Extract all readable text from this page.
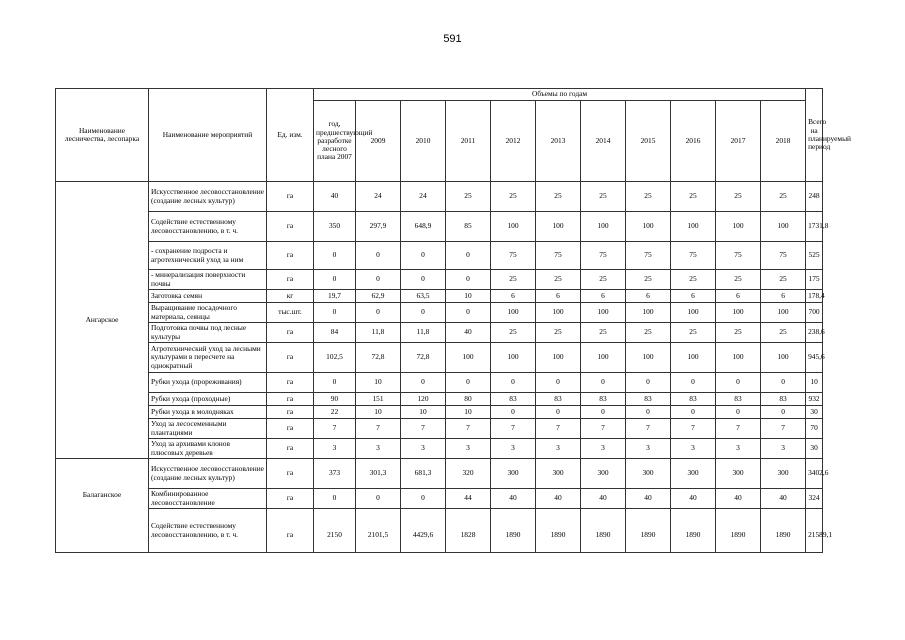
591
Наименование лесничества, лесопарка	Наименование мероприятий	Ед. изм.	Объемы по годам											Всего на планируемый период
			год, предшествующий разработке лесного плана 2007	2009	2010	2011	2012	2013	2014	2015	2016	2017	2018	
Ангарское	Искусственное лесовосстановление (создание лесных культур)	га	40	24	24	25	25	25	25	25	25	25	25	248
	Содействие естественному лесовосстановлению, в т. ч.	га	350	297,9	648,9	85	100	100	100	100	100	100	100	1731,8
	- сохранение подроста и агротехнический уход за ним	га	0	0	0	0	75	75	75	75	75	75	75	525
	- минерализация поверхности почвы	га	0	0	0	0	25	25	25	25	25	25	25	175
	Заготовка семян	кг	19,7	62,9	63,5	10	6	6	6	6	6	6	6	178,4
	Выращивание посадочного материала, сеянцы	тыс.шт.	0	0	0	0	100	100	100	100	100	100	100	700
	Подготовка почвы под лесные культуры	га	84	11,8	11,8	40	25	25	25	25	25	25	25	238,6
	Агротехнический уход за лесными культурами в пересчете на однократный	га	102,5	72,8	72,8	100	100	100	100	100	100	100	100	945,6
	Рубки ухода (прореживания)	га	0	10	0	0	0	0	0	0	0	0	0	10
	Рубки ухода (проходные)	га	90	151	120	80	83	83	83	83	83	83	83	932
	Рубки ухода в молодняках	га	22	10	10	10	0	0	0	0	0	0	0	30
	Уход за лесосеменными плантациями	га	7	7	7	7	7	7	7	7	7	7	7	70
	Уход за архивами клонов плюсовых деревьев	га	3	3	3	3	3	3	3	3	3	3	3	30
Балаганское	Искусственное лесовосстановление (создание лесных культур)	га	373	301,3	681,3	320	300	300	300	300	300	300	300	3402,6
	Комбинированное лесовосстановление	га	0	0	0	44	40	40	40	40	40	40	40	324
	Содействие естественному лесовосстановлению, в т. ч.	га	2150	2101,5	4429,6	1828	1890	1890	1890	1890	1890	1890	1890	21589,1
